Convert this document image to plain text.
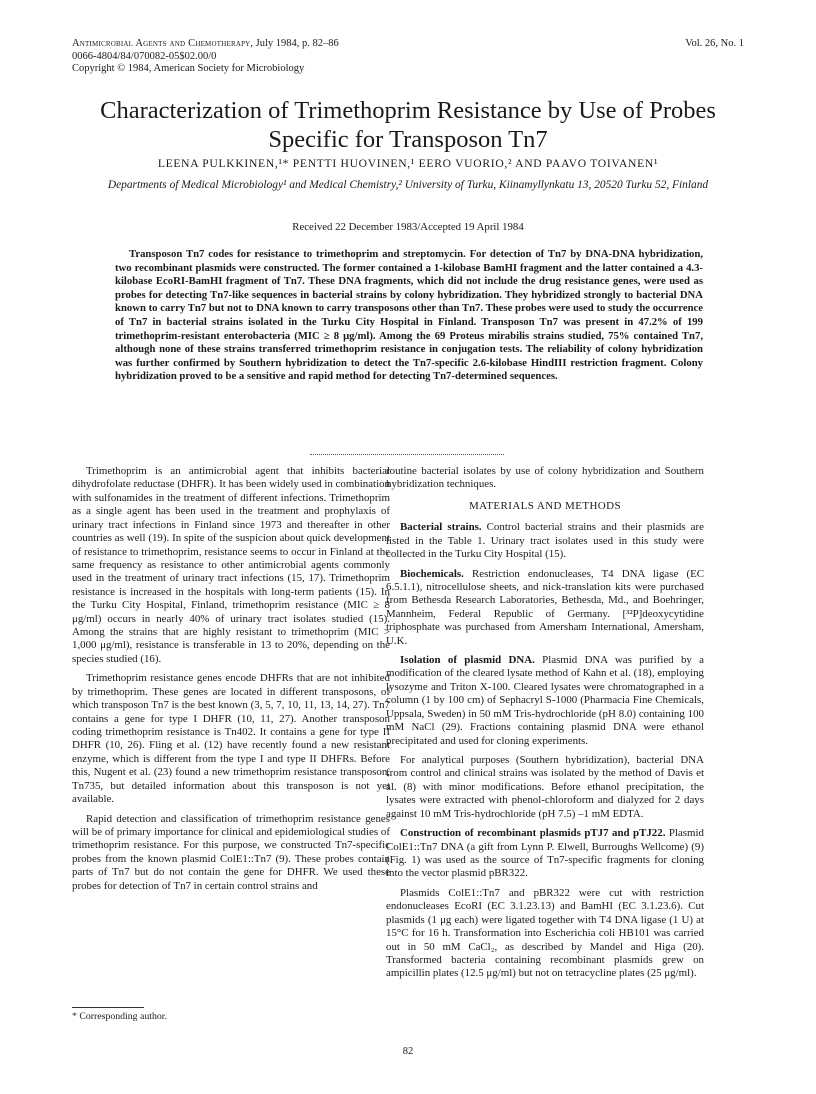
Antimicrobial Agents and Chemotherapy, July 1984, p. 82–86
0066-4804/84/070082-05$02.00/0
Copyright © 1984, American Society for Microbiology
Vol. 26, No. 1
Characterization of Trimethoprim Resistance by Use of Probes Specific for Transposon Tn7
LEENA PULKKINEN,¹* PENTTI HUOVINEN,¹ EERO VUORIO,² AND PAAVO TOIVANEN¹
Departments of Medical Microbiology¹ and Medical Chemistry,² University of Turku, Kiinamyllynkatu 13, 20520 Turku 52, Finland
Received 22 December 1983/Accepted 19 April 1984

Transposon Tn7 codes for resistance to trimethoprim and streptomycin. For detection of Tn7 by DNA-DNA hybridization, two recombinant plasmids were constructed. The former contained a 1-kilobase BamHI fragment and the latter contained a 4.3-kilobase EcoRI-BamHI fragment of Tn7. These DNA fragments, which did not include the drug resistance genes, were used as probes for detecting Tn7-like sequences in bacterial strains by colony hybridization. They hybridized strongly to bacterial DNA known to carry Tn7 but not to DNA known to carry transposons other than Tn7. These probes were used to study the occurrence of Tn7 in bacterial strains isolated in the Turku City Hospital in Finland. Transposon Tn7 was present in 47.2% of 199 trimethoprim-resistant enterobacteria (MIC ≥ 8 μg/ml). Among the 69 Proteus mirabilis strains studied, 75% contained Tn7, although none of these strains transferred trimethoprim resistance in conjugation tests. The reliability of colony hybridization was further confirmed by Southern hybridization to detect the Tn7-specific 2.6-kilobase HindIII restriction fragment. Colony hybridization proved to be a sensitive and rapid method for detecting Tn7-determined sequences.

Trimethoprim is an antimicrobial agent that inhibits bacterial dihydrofolate reductase (DHFR). It has been widely used in combination with sulfonamides in the treatment of different infections. Trimethoprim as a single agent has been used in the treatment and prophylaxis of urinary tract infections in Finland since 1973 and thereafter in other countries as well (19). In spite of the suspicion about quick development of resistance to trimethoprim, resistance seems to occur in Finland at the same frequency as resistance to other antimicrobial agents commonly used in the treatment of urinary tract infections (15, 17). Trimethoprim resistance is increased in the hospitals with long-term patients (15). In the Turku City Hospital, Finland, trimethoprim resistance (MIC ≥ 8 μg/ml) occurs in nearly 40% of urinary tract isolates studied (15). Among the strains that are highly resistant to trimethoprim (MIC > 1,000 μg/ml), resistance is transferable in 13 to 20%, depending on the species studied (16).

Trimethoprim resistance genes encode DHFRs that are not inhibited by trimethoprim. These genes are located in different transposons, of which transposon Tn7 is the best known (3, 5, 7, 10, 11, 13, 14, 27). Tn7 contains a gene for type I DHFR (10, 11, 27). Another transposon coding trimethoprim resistance is Tn402. It contains a gene for type II DHFR (10, 26). Fling et al. (12) have recently found a new resistant enzyme, which is different from the type I and type II DHFRs. Before this, Nugent et al. (23) found a new trimethoprim resistance transposon, Tn735, but detailed information about this transposon is not yet available.

Rapid detection and classification of trimethoprim resistance genes will be of primary importance for clinical and epidemiological studies of trimethoprim resistance. For this purpose, we constructed Tn7-specific probes from the known plasmid ColE1::Tn7 (9). These probes contain parts of Tn7 but do not contain the gene for DHFR. We used these probes for detection of Tn7 in certain control strains and

routine bacterial isolates by use of colony hybridization and Southern hybridization techniques.

MATERIALS AND METHODS

Bacterial strains. Control bacterial strains and their plasmids are listed in the Table 1. Urinary tract isolates used in this study were collected in the Turku City Hospital (15).

Biochemicals. Restriction endonucleases, T4 DNA ligase (EC 6.5.1.1), nitrocellulose sheets, and nick-translation kits were purchased from Bethesda Research Laboratories, Bethesda, Md., and Boehringer, Mannheim, Federal Republic of Germany. [³²P]deoxycytidine triphosphate was purchased from Amersham International, Amersham, U.K.

Isolation of plasmid DNA. Plasmid DNA was purified by a modification of the cleared lysate method of Kahn et al. (18), employing lysozyme and Triton X-100. Cleared lysates were chromatographed in a column (1 by 100 cm) of Sephacryl S-1000 (Pharmacia Fine Chemicals, Uppsala, Sweden) in 50 mM Tris-hydrochloride (pH 8.0) containing 100 mM NaCl (29). Fractions containing plasmid DNA were ethanol precipitated and used for cloning experiments.

For analytical purposes (Southern hybridization), bacterial DNA from control and clinical strains was isolated by the method of Davis et al. (8) with minor modifications. Before ethanol precipitation, the lysates were extracted with phenol-chloroform and dialyzed for 2 days against 10 mM Tris-hydrochloride (pH 7.5) –1 mM EDTA.

Construction of recombinant plasmids pTJ7 and pTJ22. Plasmid ColE1::Tn7 DNA (a gift from Lynn P. Elwell, Burroughs Wellcome) (9) (Fig. 1) was used as the source of Tn7-specific fragments for cloning into the vector plasmid pBR322.

Plasmids ColE1::Tn7 and pBR322 were cut with restriction endonucleases EcoRI (EC 3.1.23.13) and BamHI (EC 3.1.23.6). Cut plasmids (1 μg each) were ligated together with T4 DNA ligase (1 U) at 15°C for 16 h. Transformation into Escherichia coli HB101 was carried out in 50 mM CaCl₂, as described by Mandel and Higa (20). Transformed bacteria containing recombinant plasmids grew on ampicillin plates (12.5 μg/ml) but not on tetracycline plates (25 μg/ml).

* Corresponding author.
82
